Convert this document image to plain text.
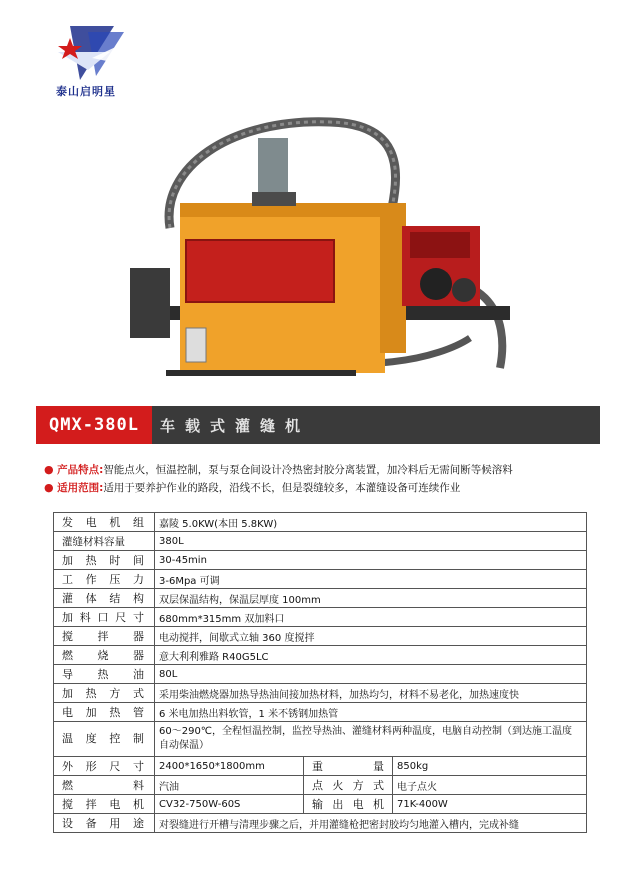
泰山启明星
QMX-380L	车载式灌缝机
● 产品特点:智能点火，恒温控制，泵与泵仓间设计冷热密封胶分离装置，加冷料后无需间断等候溶料
● 适用范围:适用于要养护作业的路段，沿线不长，但是裂缝较多，本灌缝设备可连续作业
发电机组	嘉陵 5.0KW(本田 5.8KW)		
灌缝材料容量	380L		
加热时间	30-45min		
工作压力	3-6Mpa 可调		
灌体结构	双层保温结构，保温层厚度 100mm		
加料口尺寸	680mm*315mm 双加料口		
搅拌器	电动搅拌，间歇式立轴 360 度搅拌		
燃烧器	意大利利雅路 R40G5LC		
导热油	80L		
加热方式	采用柴油燃烧器加热导热油间接加热材料，加热均匀，材料不易老化，加热速度快		
电加热管	6 米电加热出料软管，1 米不锈钢加热管		
温度控制	60～290℃，全程恒温控制，监控导热油、灌缝材料两种温度，电脑自动控制（到达施工温度自动保温）		
外形尺寸	2400*1650*1800mm	重量	850kg
燃料	汽油	点火方式	电子点火
搅拌电机	CV32-750W-60S	输出电机	71K-400W
设备用途	对裂缝进行开槽与清理步骤之后，并用灌缝枪把密封胶均匀地灌入槽内，完成补缝		
